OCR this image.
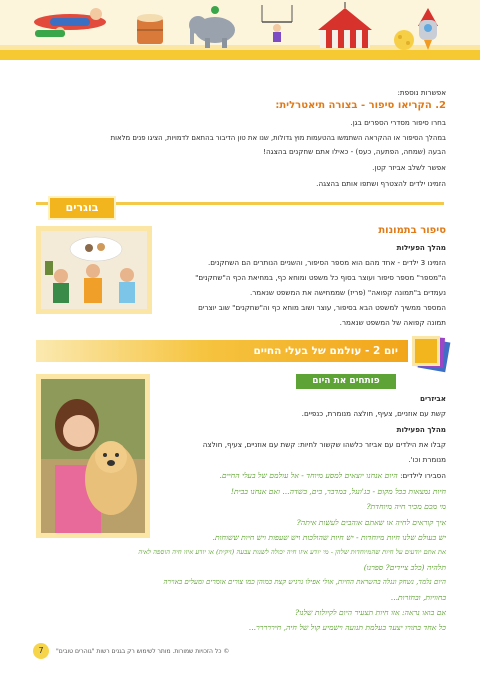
אפשרות נוספת:
2. הקריאו סיפור - בצורה תיאטרלית:
בחרו סיפור מסדרי הספרים בגן.
במהלך הסיפור או ההקראה השתמשו בהטעמות מוץ גדולות, שנו את טון הדיבור בהתאם לדמויות, הציגו פנים מלאות
הבעה (שמחה, הפתעה, כעס) - כאילו אתם שחקנים בהצגה!
אפשר לשלב אביזר קטן.
הזמינו ילדים להצטרף ושתפו אותם בהצגה.
בוגרים
סיפור בתמונות
מהלך הפעילות
הזמינו 3 ילדים - אחד מהם הוא מספר הסיפור, והשניים הנותרים הם השחקנים.
ה"מספר" מספר סיפור ועוצר בסוף כל משפט ומוחא כף, במחיאת הכף ה"שחקנים"
נעמדים ב"תמונה קפואה" (פריז) שממחישה את המשפט שנאמר.
המספר ממשיך למשפט הבא בסיפור, עוצר ושוב מוחא כף וה"שחקנים" שוב יוצרים
תמונה קפואה של המשפט שנאמר.
יום 2 - עולמם של בעלי החיים
פותחים את היום
אביזרים
קשת עם אוזניים, צעיף, חולצה מנומרת, כנפיים.
מהלך הפעילות
קבלו את הילדים עם אביזר כלשהו שקשור לחיות: קשת עם אוזניים, צעיף, חולצה
מנומרת וכו'.
הסבירו לילדים: היום אנחנו יוצאים למסע מיוחד - אל עולמם של בעלי החיים.
חיות נמצאות בכל מקום - בג'ונגל, במדבר, בים, בשדה... ואם אנחנו בבית!
מי מכם מכיר חיה מיוחדת?
איך קוראים לחיה או שאתם אוהבים לעשות איתה?
יש בעולם שלנו חיות מיוחדות - יש חיות שהולכות ויש שעפות ויש חיות ששוחות.
את אתם יודעים על חיות שהמיוחדות שלהן - מי יודע איזו חיה יכולה לשנות צבעה (זיקית) או יודע איזו חיה הוספה לאיה
תלהיה (כלב ציידים? ספרנו)
היום נלמד, נשחק ונגלה בהשראת החיות, אולי אפילו נרגיש קצת כמוהן כמו צורים אומרים ומעלים באוירה
בחוויות, ובחזרות...
אם בואו נראה: אזו חיות תצעיר היום לקיולות שלנו?
כל אחד בתורו יצעד בעלמת תנועה וישמיע קול של חיה, חיררררר...
7	© כל הזכויות שמורות. מותר לשימוש רק בגנים רשות "גוהרים טובים"
